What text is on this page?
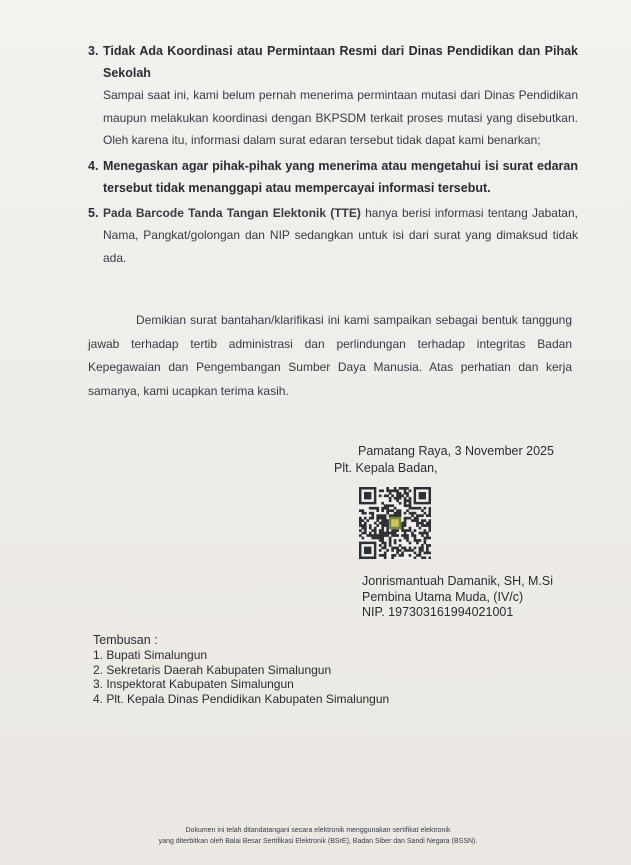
3. Tidak Ada Koordinasi atau Permintaan Resmi dari Dinas Pendidikan dan Pihak Sekolah
Sampai saat ini, kami belum pernah menerima permintaan mutasi dari Dinas Pendidikan maupun melakukan koordinasi dengan BKPSDM terkait proses mutasi yang disebutkan. Oleh karena itu, informasi dalam surat edaran tersebut tidak dapat kami benarkan;
4. Menegaskan agar pihak-pihak yang menerima atau mengetahui isi surat edaran tersebut tidak menanggapi atau mempercayai informasi tersebut.
5. Pada Barcode Tanda Tangan Elektonik (TTE) hanya berisi informasi tentang Jabatan, Nama, Pangkat/golongan dan NIP sedangkan untuk isi dari surat yang dimaksud tidak ada.

Demikian surat bantahan/klarifikasi ini kami sampaikan sebagai bentuk tanggung jawab terhadap tertib administrasi dan perlindungan terhadap integritas Badan Kepegawaian dan Pengembangan Sumber Daya Manusia. Atas perhatian dan kerja samanya, kami ucapkan terima kasih.

Pamatang Raya, 3 November 2025
Plt. Kepala Badan,
Jonrismantuah Damanik, SH, M.Si
Pembina Utama Muda, (IV/c)
NIP. 197303161994021001
Tembusan :
1. Bupati Simalungun
2. Sekretaris Daerah Kabupaten Simalungun
3. Inspektorat Kabupaten Simalungun
4. Plt. Kepala Dinas Pendidikan Kabupaten Simalungun
Dokumen ini telah ditandatangani secara elektronik menggunakan sertifikat elektronik
yang diterbitkan oleh Balai Besar Sertifikasi Elektronik (BSrE), Badan Siber dan Sandi Negara (BSSN).
